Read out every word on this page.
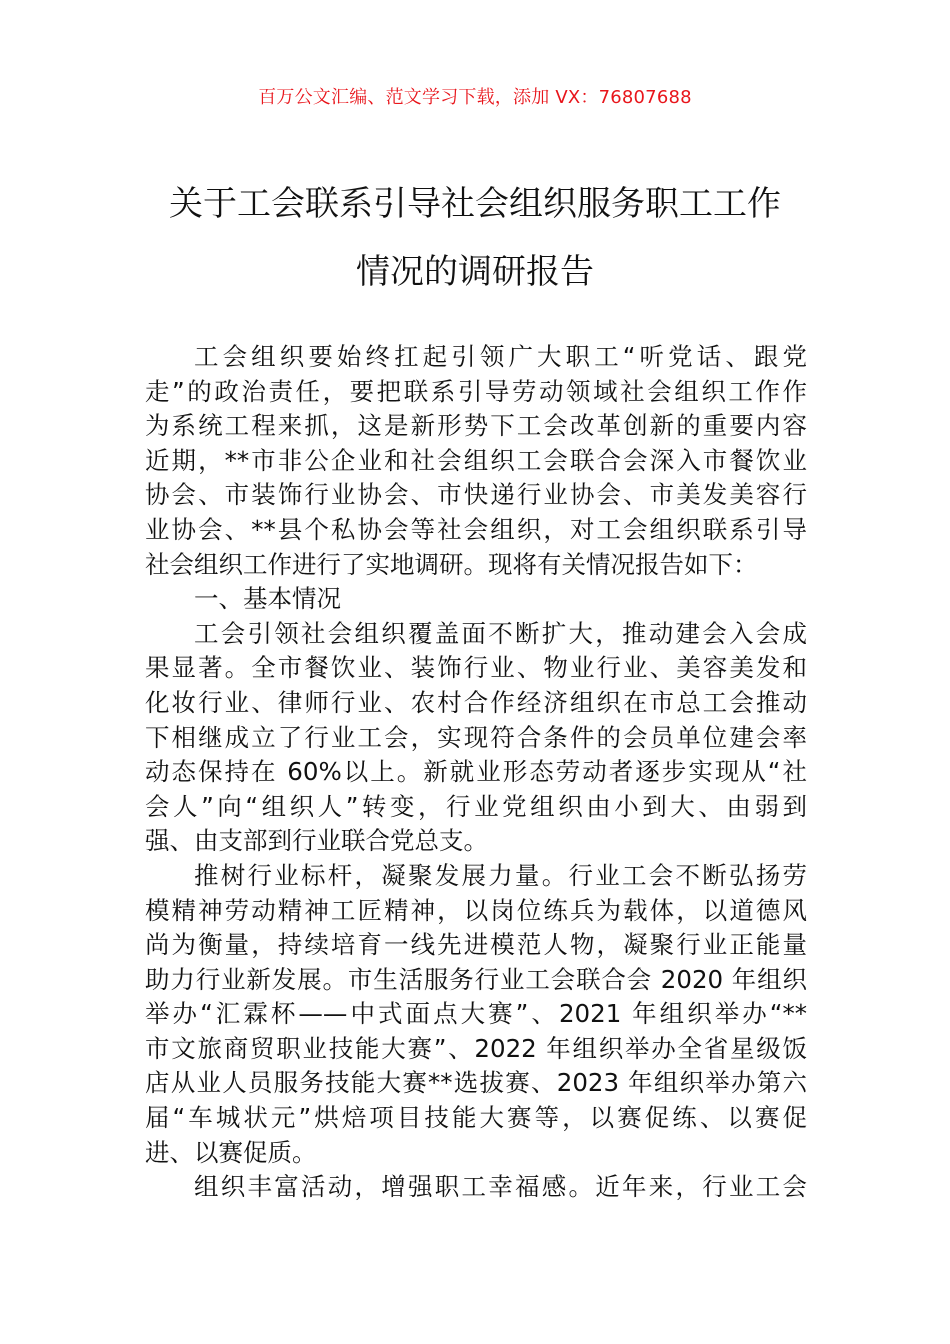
百万公文汇编、范文学习下载，添加 VX：76807688
关于工会联系引导社会组织服务职工工作
情况的调研报告
工会组织要始终扛起引领广大职工“听党话、跟党
走”的政治责任，要把联系引导劳动领域社会组织工作作
为系统工程来抓，这是新形势下工会改革创新的重要内容
近期，**市非公企业和社会组织工会联合会深入市餐饮业
协会、市装饰行业协会、市快递行业协会、市美发美容行
业协会、**县个私协会等社会组织，对工会组织联系引导
社会组织工作进行了实地调研。现将有关情况报告如下：
一、基本情况
工会引领社会组织覆盖面不断扩大，推动建会入会成
果显著。全市餐饮业、装饰行业、物业行业、美容美发和
化妆行业、律师行业、农村合作经济组织在市总工会推动
下相继成立了行业工会，实现符合条件的会员单位建会率
动态保持在 60%以上。新就业形态劳动者逐步实现从“社
会人”向“组织人”转变，行业党组织由小到大、由弱到
强、由支部到行业联合党总支。
推树行业标杆，凝聚发展力量。行业工会不断弘扬劳
模精神劳动精神工匠精神，以岗位练兵为载体，以道德风
尚为衡量，持续培育一线先进模范人物，凝聚行业正能量
助力行业新发展。市生活服务行业工会联合会 2020 年组织
举办“汇霖杯——中式面点大赛”、2021 年组织举办“**
市文旅商贸职业技能大赛”、2022 年组织举办全省星级饭
店从业人员服务技能大赛**选拔赛、2023 年组织举办第六
届“车城状元”烘焙项目技能大赛等，以赛促练、以赛促
进、以赛促质。
组织丰富活动，增强职工幸福感。近年来，行业工会
